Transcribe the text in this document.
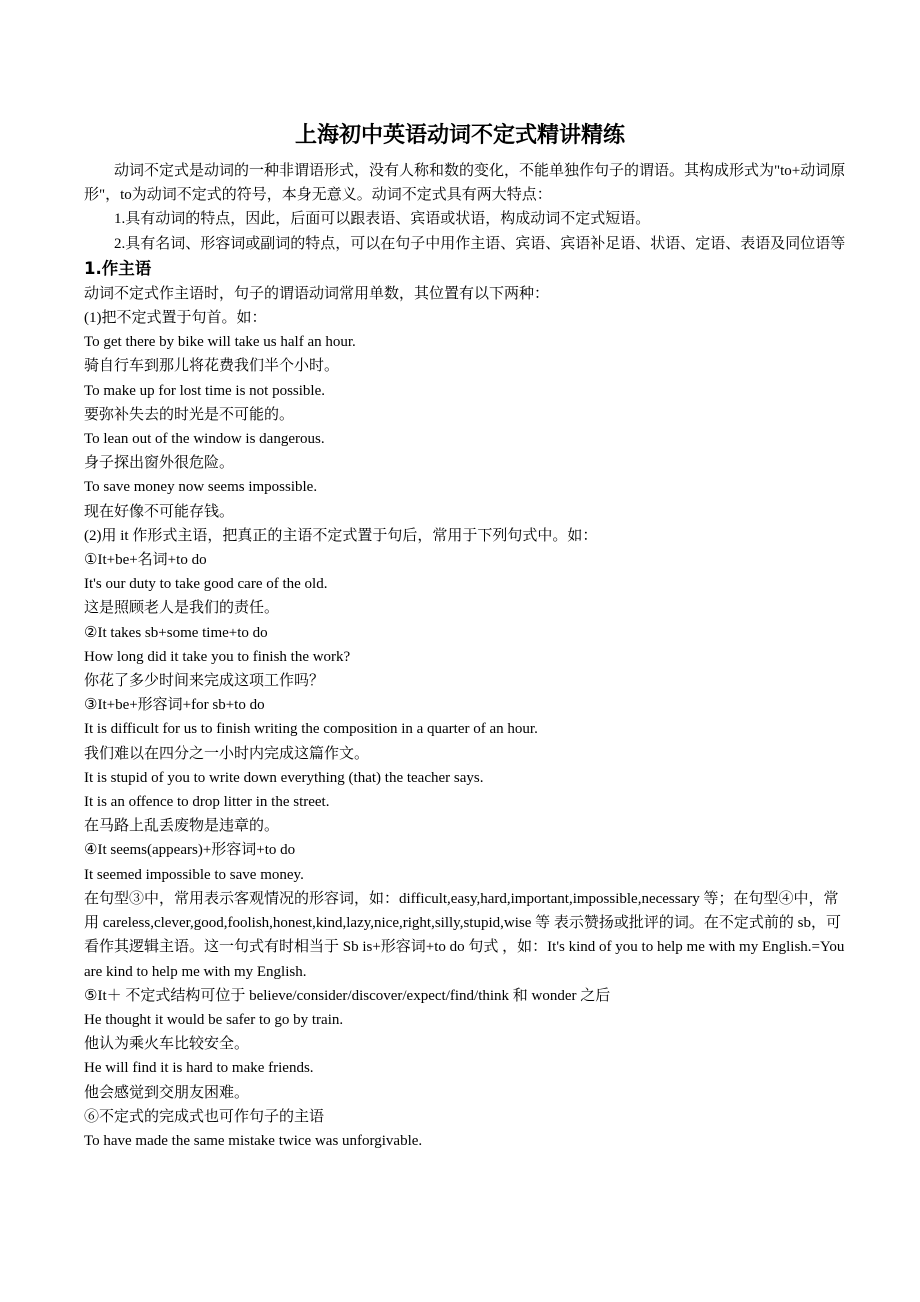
上海初中英语动词不定式精讲精练

动词不定式是动词的一种非谓语形式，没有人称和数的变化，不能单独作句子的谓语。其构成形式为"to+动词原形"，to为动词不定式的符号，本身无意义。动词不定式具有两大特点：

1.具有动词的特点，因此，后面可以跟表语、宾语或状语，构成动词不定式短语。

2.具有名词、形容词或副词的特点，可以在句子中用作主语、宾语、宾语补足语、状语、定语、表语及同位语等

1.作主语

动词不定式作主语时，句子的谓语动词常用单数，其位置有以下两种：

(1)把不定式置于句首。如：

To get there by bike will take us half an hour.

骑自行车到那儿将花费我们半个小时。

To make up for lost time is not possible.

要弥补失去的时光是不可能的。

To lean out of the window is dangerous.

身子探出窗外很危险。

To save money now seems impossible.

现在好像不可能存钱。

(2)用 it 作形式主语，把真正的主语不定式置于句后，常用于下列句式中。如：

①It+be+名词+to do

It's our duty to take good care of the old.

这是照顾老人是我们的责任。

②It takes sb+some time+to do

How long did it take you to finish the work?

你花了多少时间来完成这项工作吗？

③It+be+形容词+for sb+to do

It is difficult for us to finish writing the composition in a quarter of an hour.

我们难以在四分之一小时内完成这篇作文。

It is stupid of you to write down everything (that) the teacher says.

It is an offence to drop litter in the street.

在马路上乱丢废物是违章的。

④It seems(appears)+形容词+to do

It seemed impossible to save money.

在句型③中，常用表示客观情况的形容词，如：difficult,easy,hard,important,impossible,necessary 等；在句型④中，常用 careless,clever,good,foolish,honest,kind,lazy,nice,right,silly,stupid,wise 等 表示赞扬或批评的词。在不定式前的 sb，可看作其逻辑主语。这一句式有时相当于 Sb is+形容词+to do 句式 ，如：It's kind of you to help me with my English.=You are kind to help me with my English.

⑤It＋ 不定式结构可位于 believe/consider/discover/expect/find/think 和 wonder 之后

He thought it would be safer to go by train.

他认为乘火车比较安全。

He will find it is hard to make friends.

他会感觉到交朋友困难。

⑥不定式的完成式也可作句子的主语

To have made the same mistake twice was unforgivable.
